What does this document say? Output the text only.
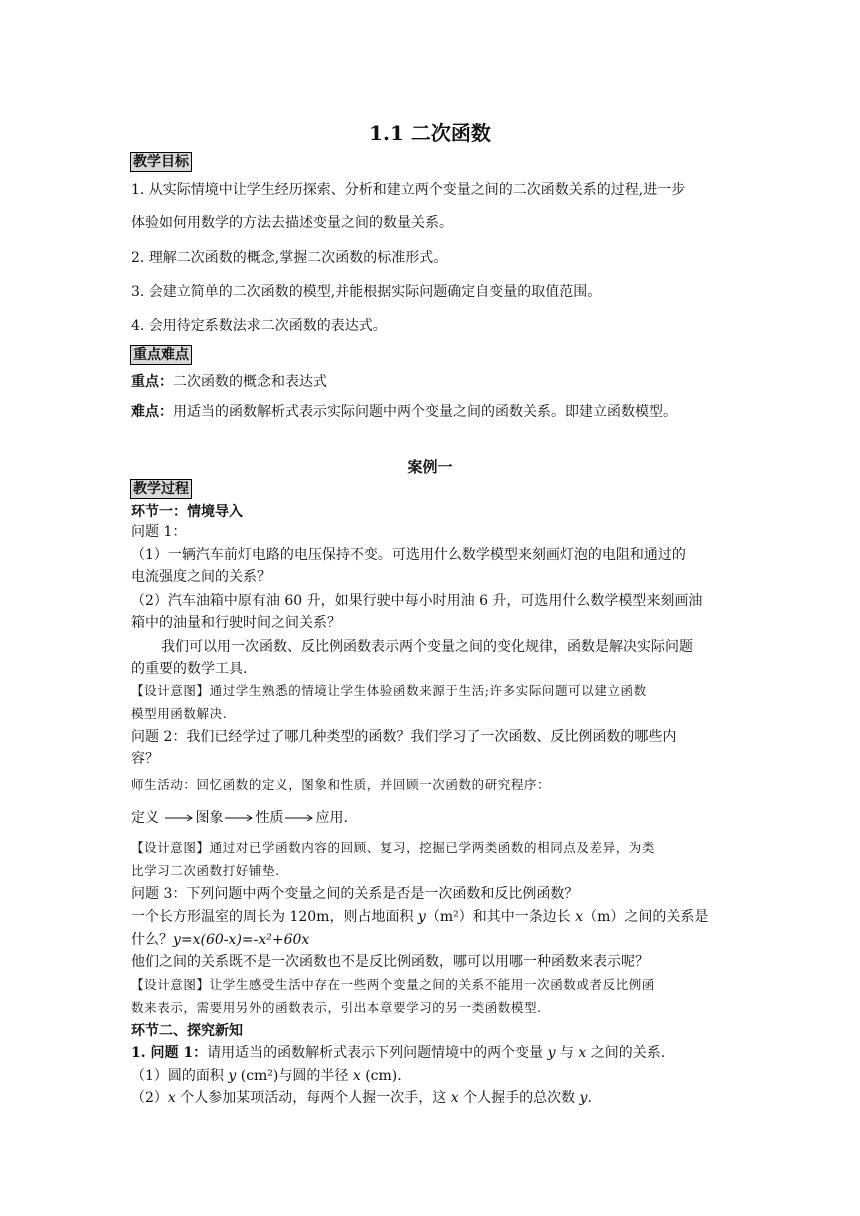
1.1 二次函数
教学目标
1. 从实际情境中让学生经历探索、分析和建立两个变量之间的二次函数关系的过程,进一步
体验如何用数学的方法去描述变量之间的数量关系。
2. 理解二次函数的概念,掌握二次函数的标准形式。
3. 会建立简单的二次函数的模型,并能根据实际问题确定自变量的取值范围。
4. 会用待定系数法求二次函数的表达式。
重点难点
重点：二次函数的概念和表达式
难点：用适当的函数解析式表示实际问题中两个变量之间的函数关系。即建立函数模型。
案例一
教学过程
环节一：情境导入
问题 1：
（1）一辆汽车前灯电路的电压保持不变。可选用什么数学模型来刻画灯泡的电阻和通过的
电流强度之间的关系？
（2）汽车油箱中原有油 60 升，如果行驶中每小时用油 6 升，可选用什么数学模型来刻画油
箱中的油量和行驶时间之间关系？
我们可以用一次函数、反比例函数表示两个变量之间的变化规律，函数是解决实际问题
的重要的数学工具.
【设计意图】通过学生熟悉的情境让学生体验函数来源于生活;许多实际问题可以建立函数
模型用函数解决.
问题 2：我们已经学过了哪几种类型的函数？我们学习了一次函数、反比例函数的哪些内
容？
师生活动：回忆函数的定义，图象和性质，并回顾一次函数的研究程序：
定义	图象 性质 应用.
【设计意图】通过对已学函数内容的回顾、复习，挖掘已学两类函数的相同点及差异，为类
比学习二次函数打好铺垫.
问题 3：下列问题中两个变量之间的关系是否是一次函数和反比例函数？
一个长方形温室的周长为 120m，则占地面积 y（m²）和其中一条边长 x（m）之间的关系是
什么？y=x(60-x)=-x²+60x
他们之间的关系既不是一次函数也不是反比例函数，哪可以用哪一种函数来表示呢？
【设计意图】让学生感受生活中存在一些两个变量之间的关系不能用一次函数或者反比例函
数来表示，需要用另外的函数表示，引出本章要学习的另一类函数模型.
环节二、探究新知
1. 问题 1：请用适当的函数解析式表示下列问题情境中的两个变量 y 与 x 之间的关系.
（1）圆的面积 y (cm²)与圆的半径 x (cm).
（2）x 个人参加某项活动，每两个人握一次手，这 x 个人握手的总次数 y.
